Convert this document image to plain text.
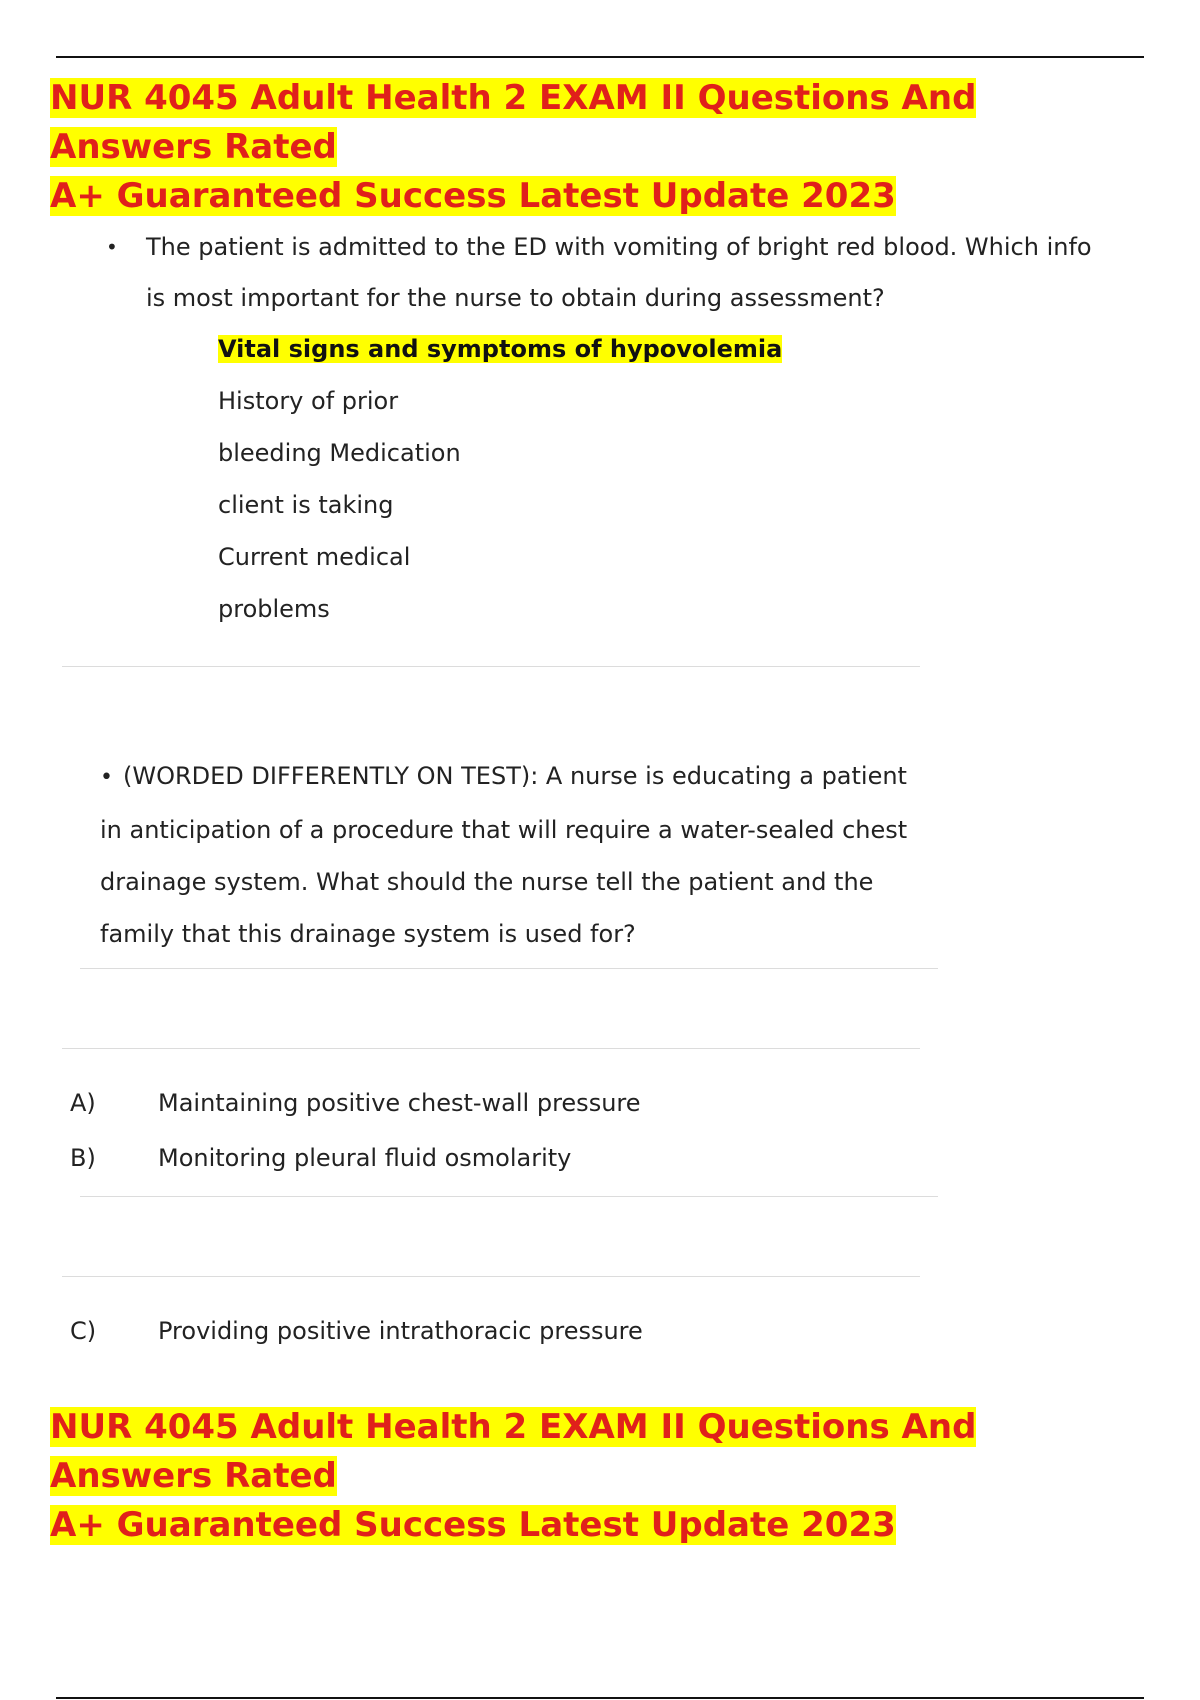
NUR 4045 Adult Health 2 EXAM II Questions And Answers Rated
A+ Guaranteed Success Latest Update 2023
• The patient is admitted to the ED with vomiting of bright red blood. Which info is most important for the nurse to obtain during assessment?
Vital signs and symptoms of hypovolemia
History of prior
bleeding Medication
client is taking
Current medical
problems
• (WORDED DIFFERENTLY ON TEST): A nurse is educating a patient in anticipation of a procedure that will require a water-sealed chest drainage system. What should the nurse tell the patient and the family that this drainage system is used for?
A)	Maintaining positive chest-wall pressure
B)	Monitoring pleural fluid osmolarity
C)	Providing positive intrathoracic pressure
NUR 4045 Adult Health 2 EXAM II Questions And Answers Rated
A+ Guaranteed Success Latest Update 2023
